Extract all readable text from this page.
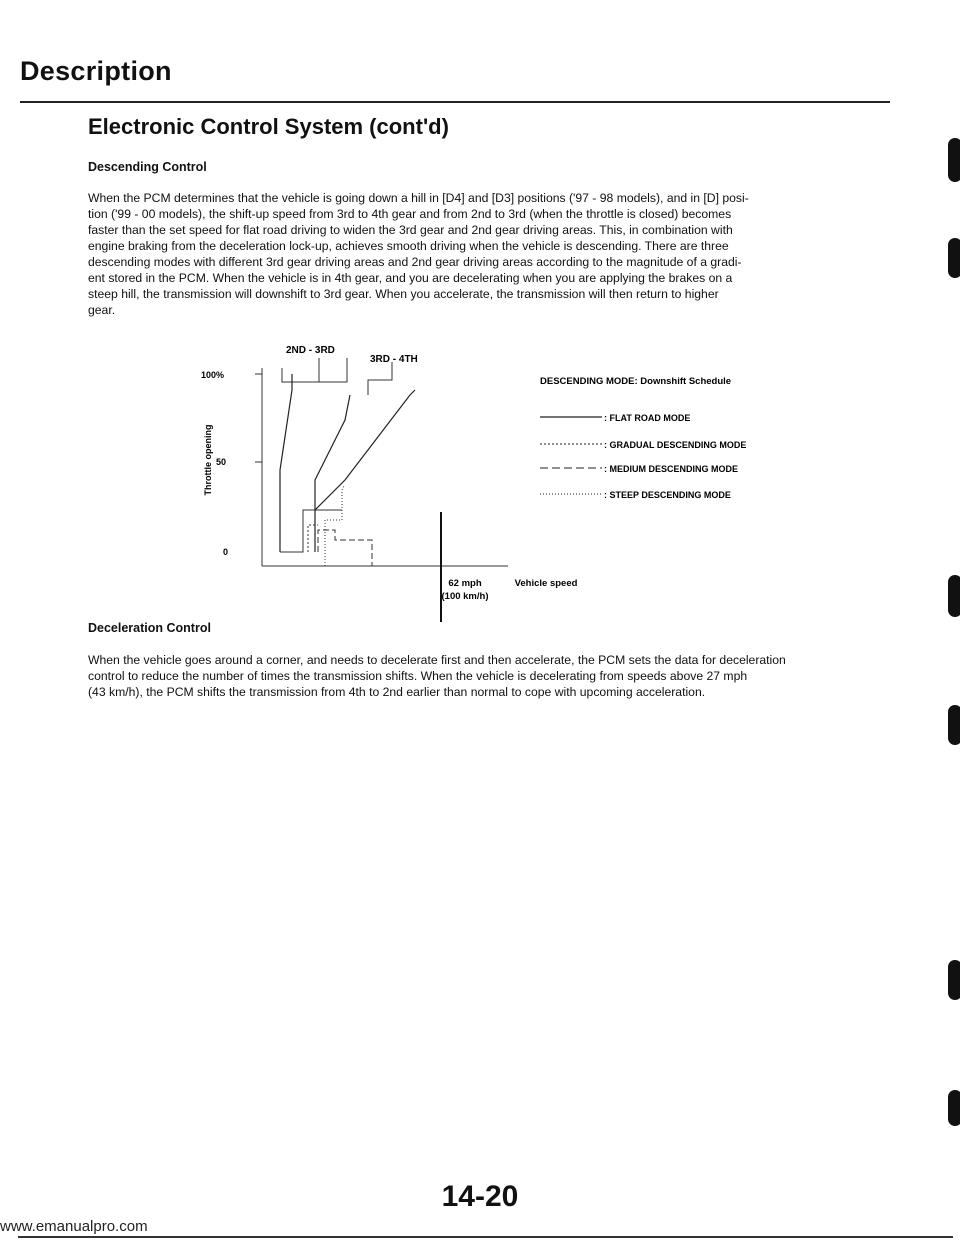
Description
Electronic Control System (cont'd)
Descending Control
When the PCM determines that the vehicle is going down a hill in [D4] and [D3] positions ('97 - 98 models), and in [D] posi-
tion ('99 - 00 models), the shift-up speed from 3rd to 4th gear and from 2nd to 3rd (when the throttle is closed) becomes
faster than the set speed for flat road driving to widen the 3rd gear and 2nd gear driving areas. This, in combination with
engine braking from the deceleration lock-up, achieves smooth driving when the vehicle is descending. There are three
descending modes with different 3rd gear driving areas and 2nd gear driving areas according to the magnitude of a gradi-
ent stored in the PCM. When the vehicle is in 4th gear, and you are decelerating when you are applying the brakes on a
steep hill, the transmission will downshift to 3rd gear. When you accelerate, the transmission will then return to higher
gear.
100%
50
0
Throttle opening
2ND - 3RD
3RD - 4TH
DESCENDING MODE: Downshift Schedule
: FLAT ROAD MODE
: GRADUAL DESCENDING MODE
: MEDIUM DESCENDING MODE
: STEEP DESCENDING MODE
62 mph
(100 km/h)
Vehicle speed
Deceleration Control
When the vehicle goes around a corner, and needs to decelerate first and then accelerate, the PCM sets the data for deceleration
control to reduce the number of times the transmission shifts. When the vehicle is decelerating from speeds above 27 mph
(43 km/h), the PCM shifts the transmission from 4th to 2nd earlier than normal to cope with upcoming acceleration.
14-20
www.emanualpro.com
